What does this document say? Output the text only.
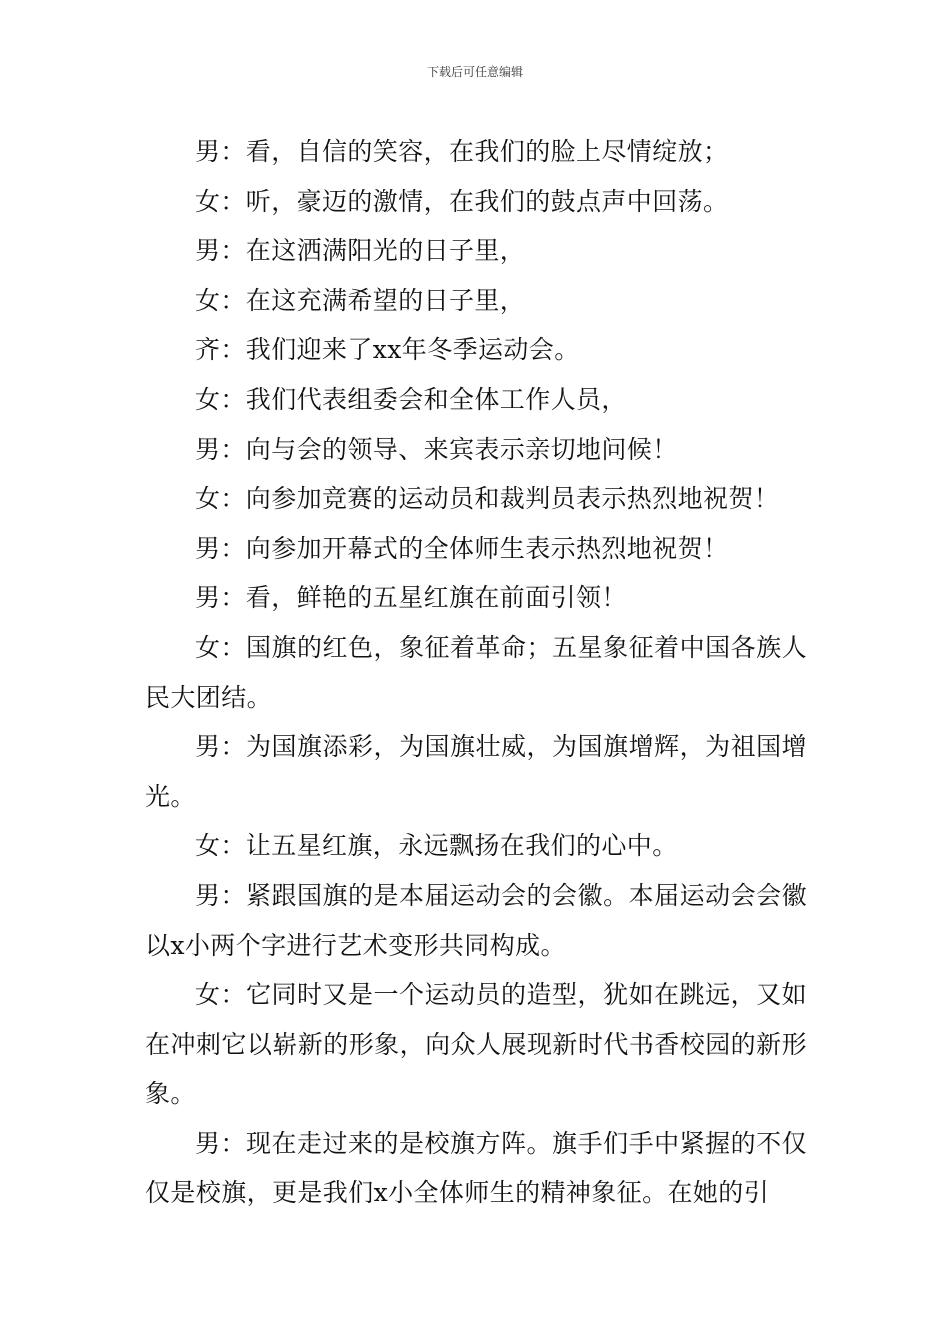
下载后可任意编辑

男：看，自信的笑容，在我们的脸上尽情绽放；

女：听，豪迈的激情，在我们的鼓点声中回荡。

男：在这洒满阳光的日子里，

女：在这充满希望的日子里，

齐：我们迎来了xx年冬季运动会。

女：我们代表组委会和全体工作人员，

男：向与会的领导、来宾表示亲切地问候！

女：向参加竞赛的运动员和裁判员表示热烈地祝贺！

男：向参加开幕式的全体师生表示热烈地祝贺！

男：看，鲜艳的五星红旗在前面引领！

女：国旗的红色，象征着革命；五星象征着中国各族人民大团结。

男：为国旗添彩，为国旗壮威，为国旗增辉，为祖国增光。

女：让五星红旗，永远飘扬在我们的心中。

男：紧跟国旗的是本届运动会的会徽。本届运动会会徽以x小两个字进行艺术变形共同构成。

女：它同时又是一个运动员的造型，犹如在跳远，又如在冲刺它以崭新的形象，向众人展现新时代书香校园的新形象。

男：现在走过来的是校旗方阵。旗手们手中紧握的不仅仅是校旗，更是我们x小全体师生的精神象征。在她的引
